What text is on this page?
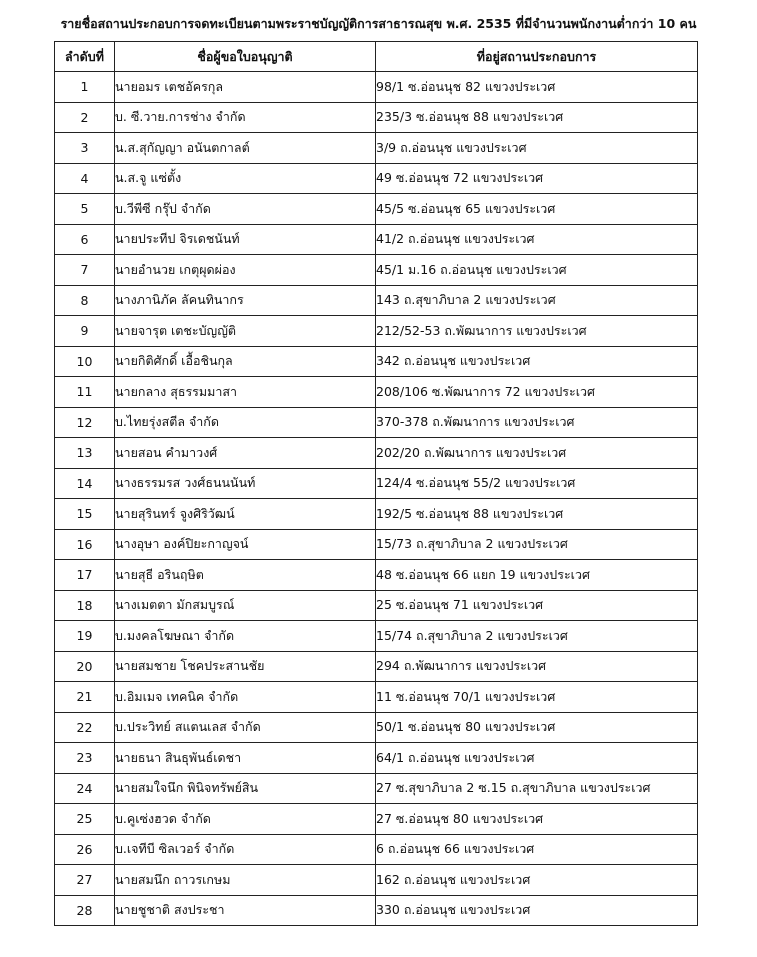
รายชื่อสถานประกอบการจดทะเบียนตามพระราชบัญญัติการสาธารณสุข พ.ศ. 2535 ที่มีจำนวนพนักงานต่ำกว่า 10 คน
ลำดับที่	ชื่อผู้ขอใบอนุญาติ	ที่อยู่สถานประกอบการ
1	นายอมร เตชอัครกุล	98/1 ซ.อ่อนนุช 82 แขวงประเวศ
2	บ. ซี.วาย.การช่าง จำกัด	235/3 ซ.อ่อนนุช 88 แขวงประเวศ
3	น.ส.สุกัญญา อนันตกาลต์	3/9 ถ.อ่อนนุช แขวงประเวศ
4	น.ส.จู แซ่ตั้ง	49 ซ.อ่อนนุช 72 แขวงประเวศ
5	บ.วีพีซี กรุ๊ป จำกัด	45/5 ซ.อ่อนนุช 65 แขวงประเวศ
6	นายประทีป จิรเดชนันท์	41/2 ถ.อ่อนนุช แขวงประเวศ
7	นายอำนวย เกตุผุดผ่อง	45/1 ม.16 ถ.อ่อนนุช แขวงประเวศ
8	นางภานิภัค ลัคนทินากร	143 ถ.สุขาภิบาล 2 แขวงประเวศ
9	นายจารุต เตชะบัญญัติ	212/52-53 ถ.พัฒนาการ แขวงประเวศ
10	นายกิติศักดิ์ เอื้อชินกุล	342 ถ.อ่อนนุช แขวงประเวศ
11	นายกลาง สุธรรมมาสา	208/106 ซ.พัฒนาการ 72 แขวงประเวศ
12	บ.ไทยรุ่งสตีล จำกัด	370-378 ถ.พัฒนาการ แขวงประเวศ
13	นายสอน คำมาวงศ์	202/20 ถ.พัฒนาการ แขวงประเวศ
14	นางธรรมรส วงศ์ธนนนันท์	124/4 ซ.อ่อนนุช 55/2 แขวงประเวศ
15	นายสุรินทร์ จูงศิริวัฒน์	192/5 ซ.อ่อนนุช 88 แขวงประเวศ
16	นางอุษา องค์ปิยะกาญจน์	15/73 ถ.สุขาภิบาล 2 แขวงประเวศ
17	นายสุธี อรินฤษิต	48 ซ.อ่อนนุช 66 แยก 19 แขวงประเวศ
18	นางเมตตา มักสมบูรณ์	25 ซ.อ่อนนุช 71 แขวงประเวศ
19	บ.มงคลโฆษณา จำกัด	15/74 ถ.สุขาภิบาล 2 แขวงประเวศ
20	นายสมชาย โชคประสานชัย	294 ถ.พัฒนาการ แขวงประเวศ
21	บ.อิมเมจ เทคนิค จำกัด	11 ซ.อ่อนนุช 70/1 แขวงประเวศ
22	บ.ประวิทย์ สแตนเลส จำกัด	50/1 ซ.อ่อนนุช 80 แขวงประเวศ
23	นายธนา สินธุพันธ์เดชา	64/1 ถ.อ่อนนุช แขวงประเวศ
24	นายสมใจนึก พินิจทรัพย์สิน	27 ซ.สุขาภิบาล 2 ซ.15 ถ.สุขาภิบาล แขวงประเวศ
25	บ.คูเซ่งฮวด จำกัด	27 ซ.อ่อนนุช 80 แขวงประเวศ
26	บ.เจทีบี ซิลเวอร์ จำกัด	6 ถ.อ่อนนุช 66 แขวงประเวศ
27	นายสมนึก ถาวรเกษม	162 ถ.อ่อนนุช แขวงประเวศ
28	นายชูชาติ สงประชา	330 ถ.อ่อนนุช แขวงประเวศ
